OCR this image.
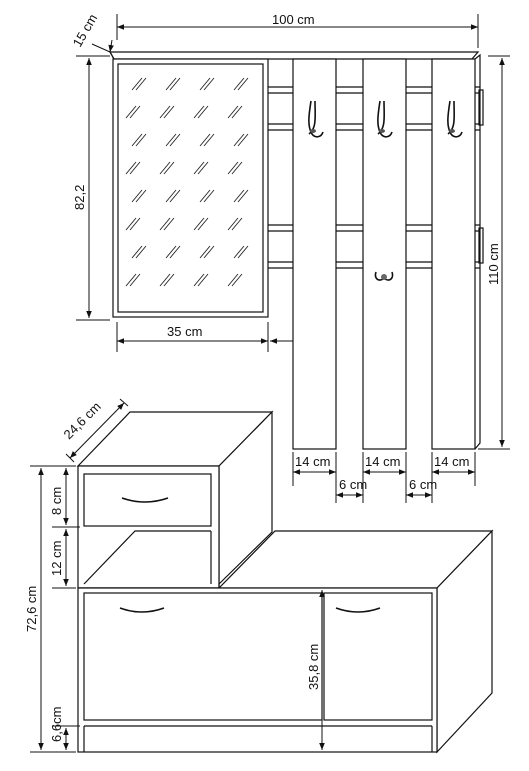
100 cm
15 cm
82,2
35 cm
110 cm
14 cm	14 cm	14 cm
6 cm	6 cm
24,6 cm
8 cm
12 cm
72,6 cm
6,6cm
35,8 cm
